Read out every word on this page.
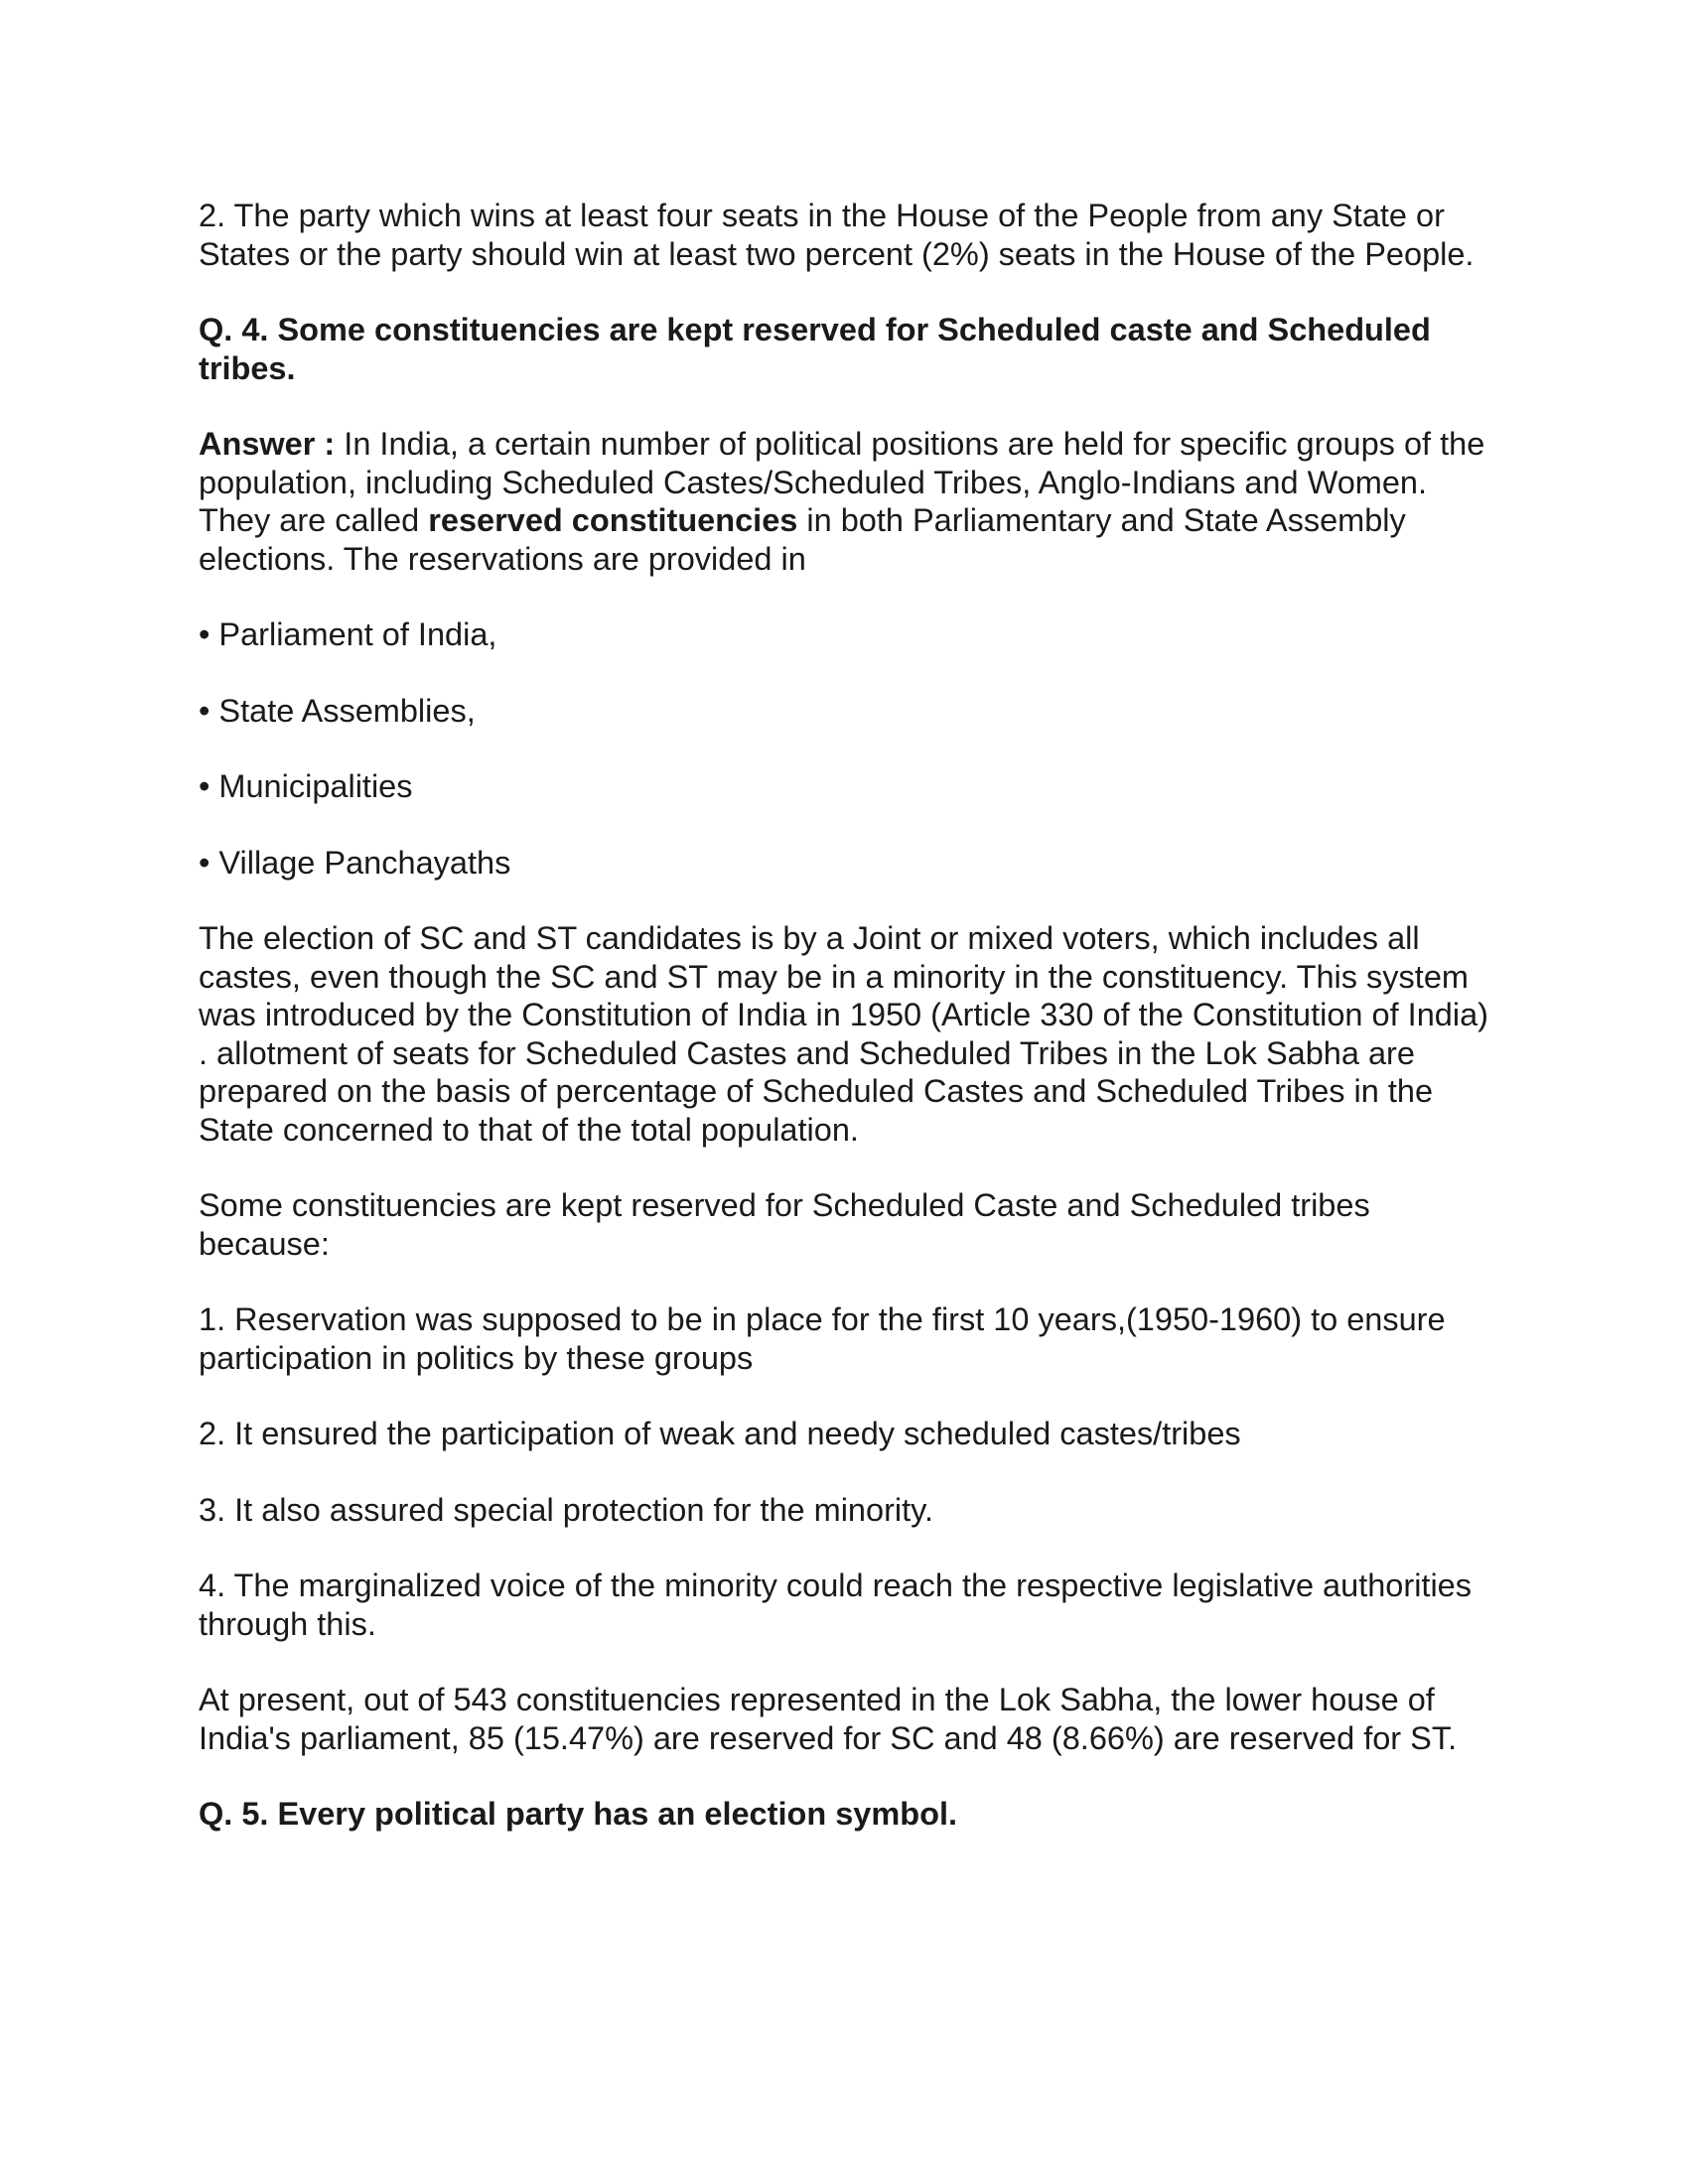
2. The party which wins at least four seats in the House of the People from any State or States or the party should win at least two percent (2%) seats in the House of the People.

Q. 4. Some constituencies are kept reserved for Scheduled caste and Scheduled tribes.

Answer : In India, a certain number of political positions are held for specific groups of the population, including Scheduled Castes/Scheduled Tribes, Anglo-Indians and Women. They are called reserved constituencies in both Parliamentary and State Assembly elections. The reservations are provided in

• Parliament of India,

• State Assemblies,

• Municipalities

• Village Panchayaths

The election of SC and ST candidates is by a Joint or mixed voters, which includes all castes, even though the SC and ST may be in a minority in the constituency. This system was introduced by the Constitution of India in 1950 (Article 330 of the Constitution of India) . allotment of seats for Scheduled Castes and Scheduled Tribes in the Lok Sabha are prepared on the basis of percentage of Scheduled Castes and Scheduled Tribes in the State concerned to that of the total population.

Some constituencies are kept reserved for Scheduled Caste and Scheduled tribes because:

1. Reservation was supposed to be in place for the first 10 years,(1950-1960) to ensure participation in politics by these groups

2. It ensured the participation of weak and needy scheduled castes/tribes

3. It also assured special protection for the minority.

4. The marginalized voice of the minority could reach the respective legislative authorities through this.

At present, out of 543 constituencies represented in the Lok Sabha, the lower house of India's parliament, 85 (15.47%) are reserved for SC and 48 (8.66%) are reserved for ST.

Q. 5. Every political party has an election symbol.
